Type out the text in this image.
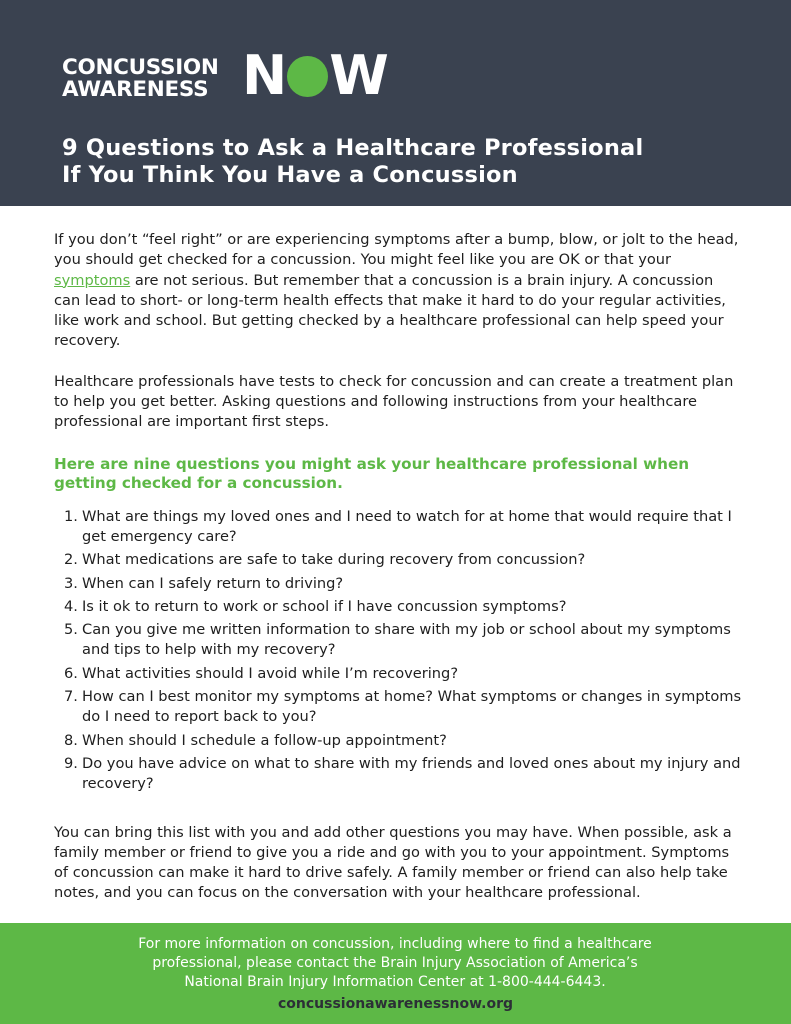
CONCUSSION
AWARENESS N W
9 Questions to Ask a Healthcare Professional
If You Think You Have a Concussion

If you don’t “feel right” or are experiencing symptoms after a bump, blow, or jolt to the head, you should get checked for a concussion. You might feel like you are OK or that your symptoms are not serious. But remember that a concussion is a brain injury. A concussion can lead to short- or long-term health effects that make it hard to do your regular activities, like work and school. But getting checked by a healthcare professional can help speed your recovery.

Healthcare professionals have tests to check for concussion and can create a treatment plan to help you get better. Asking questions and following instructions from your healthcare professional are important first steps.

Here are nine questions you might ask your healthcare professional when getting checked for a concussion.

1. What are things my loved ones and I need to watch for at home that would require that I get emergency care?
2. What medications are safe to take during recovery from concussion?
3. When can I safely return to driving?
4. Is it ok to return to work or school if I have concussion symptoms?
5. Can you give me written information to share with my job or school about my symptoms and tips to help with my recovery?
6. What activities should I avoid while I’m recovering?
7. How can I best monitor my symptoms at home? What symptoms or changes in symptoms do I need to report back to you?
8. When should I schedule a follow-up appointment?
9. Do you have advice on what to share with my friends and loved ones about my injury and recovery?

You can bring this list with you and add other questions you may have. When possible, ask a family member or friend to give you a ride and go with you to your appointment. Symptoms of concussion can make it hard to drive safely. A family member or friend can also help take notes, and you can focus on the conversation with your healthcare professional.

For more information on concussion, including where to find a healthcare
professional, please contact the Brain Injury Association of America’s
National Brain Injury Information Center at 1-800-444-6443.
concussionawarenessnow.org
